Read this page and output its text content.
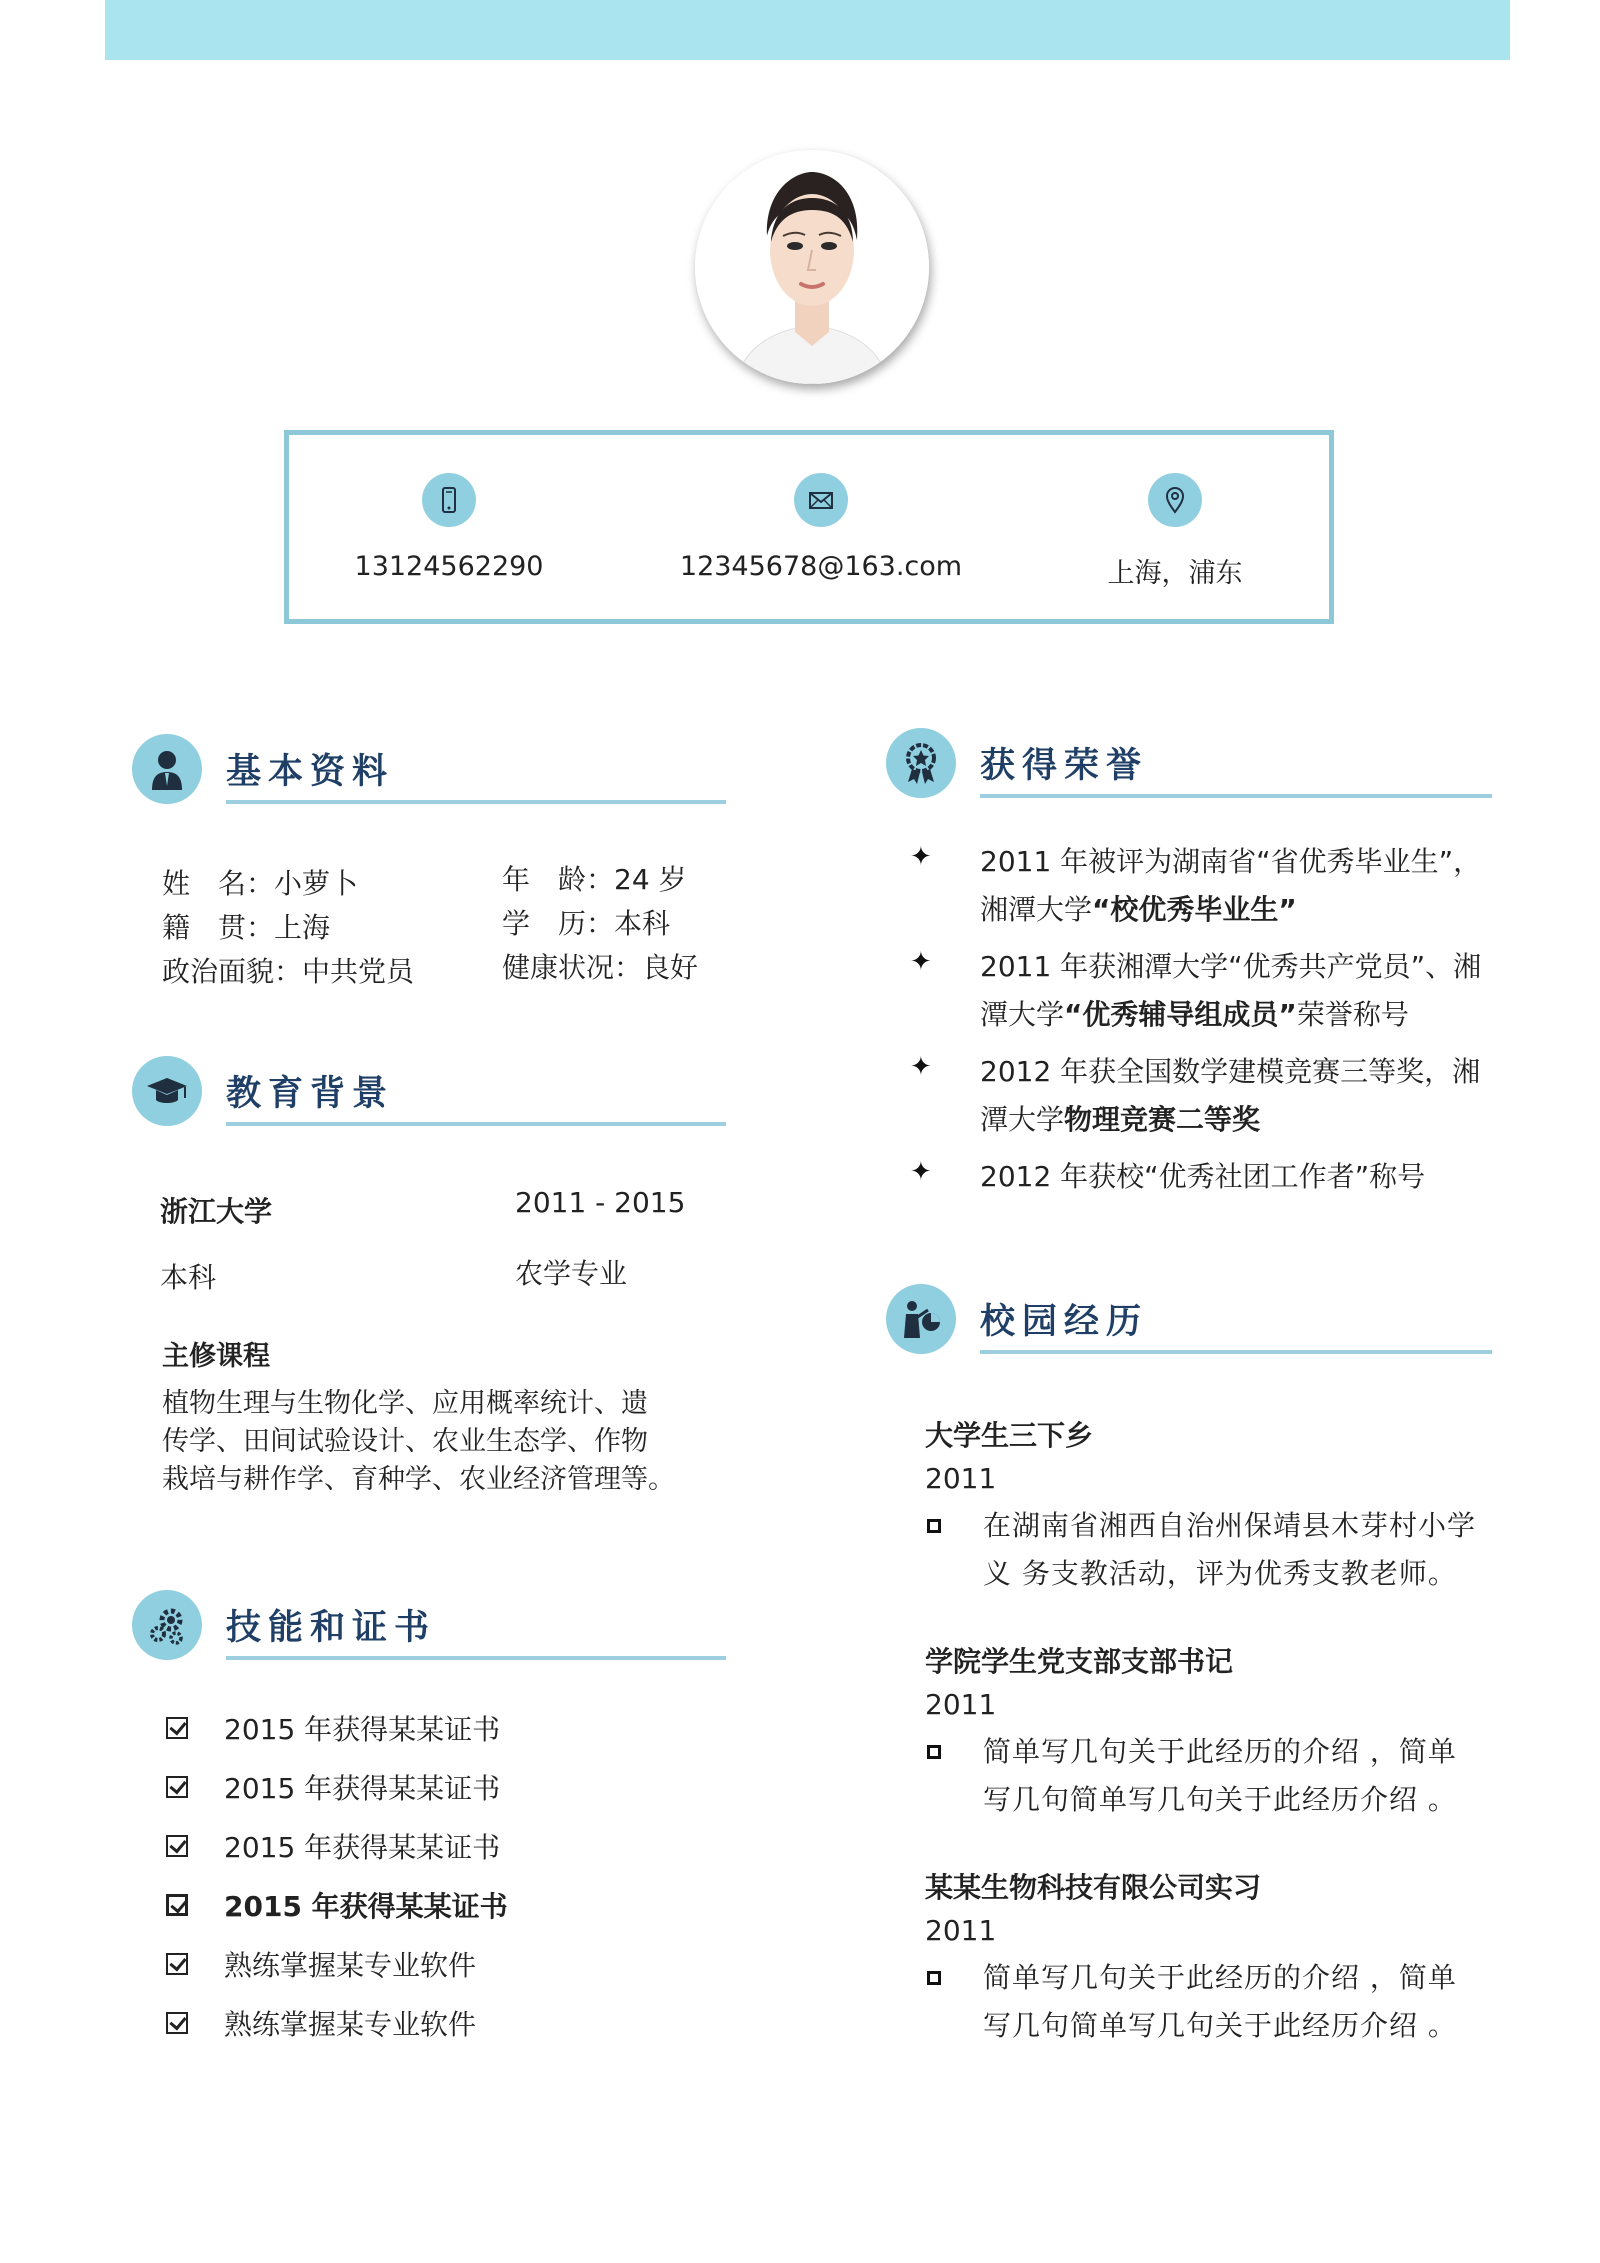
13124562290	12345678@163.com	上海，浦东
基本资料
姓　名：小萝卜	年　龄：24 岁
籍　贯：上海	学　历：本科
政治面貌：中共党员	健康状况：良好
教育背景
浙江大学	2011 - 2015
本科	农学专业
主修课程
植物生理与生物化学、应用概率统计、遗
传学、田间试验设计、农业生态学、作物
栽培与耕作学、育种学、农业经济管理等。
技能和证书
2015 年获得某某证书
2015 年获得某某证书
2015 年获得某某证书
2015 年获得某某证书
熟练掌握某专业软件
熟练掌握某专业软件
获得荣誉
✦ 2011 年被评为湖南省“省优秀毕业生”，湘潭大学“校优秀毕业生”
✦ 2011 年获湘潭大学“优秀共产党员”、湘潭大学“优秀辅导组成员”荣誉称号
✦ 2012 年获全国数学建模竞赛三等奖，湘潭大学物理竞赛二等奖
✦ 2012 年获校“优秀社团工作者”称号
校园经历
大学生三下乡
2011
在湖南省湘西自治州保靖县木芽村小学义 务支教活动，评为优秀支教老师。
学院学生党支部支部书记
2011
简单写几句关于此经历的介绍 ，简单写几句简单写几句关于此经历介绍 。
某某生物科技有限公司实习
2011
简单写几句关于此经历的介绍 ，简单写几句简单写几句关于此经历介绍 。
